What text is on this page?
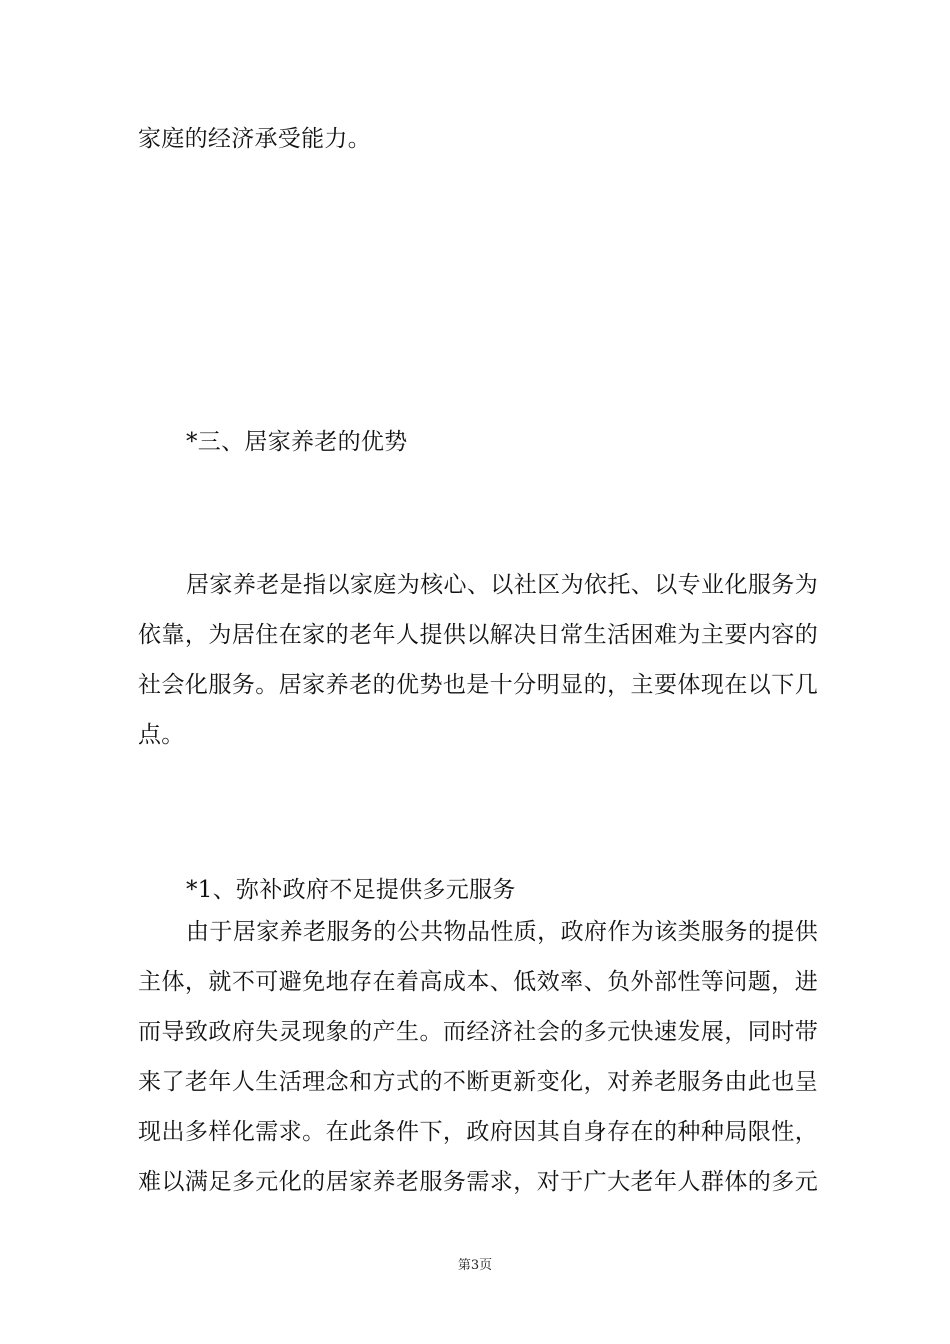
家庭的经济承受能力。
*三、居家养老的优势
居家养老是指以家庭为核心、以社区为依托、以专业化服务为
依靠，为居住在家的老年人提供以解决日常生活困难为主要内容的
社会化服务。居家养老的优势也是十分明显的，主要体现在以下几
点。
*1、弥补政府不足提供多元服务
由于居家养老服务的公共物品性质，政府作为该类服务的提供
主体，就不可避免地存在着高成本、低效率、负外部性等问题，进
而导致政府失灵现象的产生。而经济社会的多元快速发展，同时带
来了老年人生活理念和方式的不断更新变化，对养老服务由此也呈
现出多样化需求。在此条件下，政府因其自身存在的种种局限性，
难以满足多元化的居家养老服务需求，对于广大老年人群体的多元
第3页
